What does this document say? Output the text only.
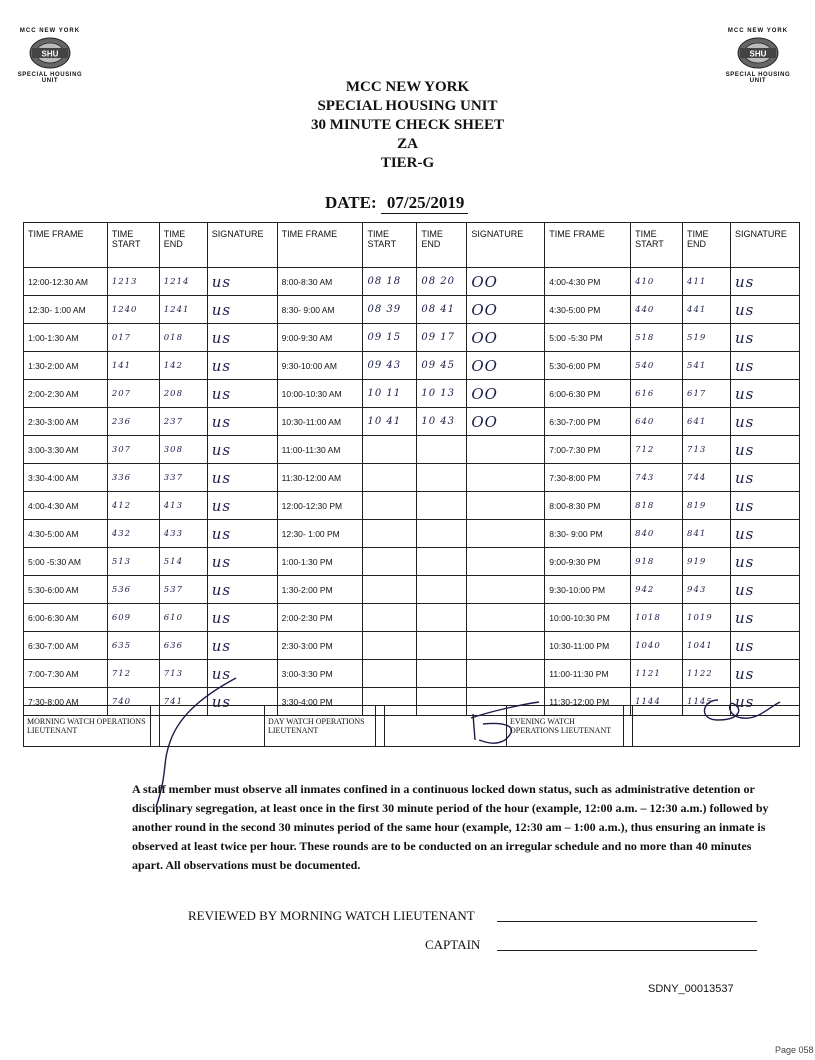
MCC NEW YORK
SHU
SPECIAL HOUSING UNIT
MCC NEW YORK
SHU
SPECIAL HOUSING UNIT
MCC NEW YORK
SPECIAL HOUSING UNIT
30 MINUTE CHECK SHEET
ZA
TIER-G
DATE: 07/25/2019
TIME FRAME	TIME START	TIME END	SIGNATURE	TIME FRAME	TIME START	TIME END	SIGNATURE	TIME FRAME	TIME START	TIME END	SIGNATURE
12:00-12:30 AM	1213	1214	us	8:00-8:30 AM	08 18	08 20	OO	4:00-4:30 PM	410	411	us
12:30- 1:00 AM	1240	1241	us	8:30- 9:00 AM	08 39	08 41	OO	4:30-5:00 PM	440	441	us
1:00-1:30 AM	017	018	us	9:00-9:30 AM	09 15	09 17	OO	5:00 -5:30 PM	518	519	us
1:30-2:00 AM	141	142	us	9:30-10:00 AM	09 43	09 45	OO	5:30-6:00 PM	540	541	us
2:00-2:30 AM	207	208	us	10:00-10:30 AM	10 11	10 13	OO	6:00-6:30 PM	616	617	us
2:30-3:00 AM	236	237	us	10:30-11:00 AM	10 41	10 43	OO	6:30-7:00 PM	640	641	us
3:00-3:30 AM	307	308	us	11:00-11:30 AM				7:00-7:30 PM	712	713	us
3:30-4:00 AM	336	337	us	11:30-12:00 AM				7:30-8:00 PM	743	744	us
4:00-4:30 AM	412	413	us	12:00-12:30 PM				8:00-8:30 PM	818	819	us
4:30-5:00 AM	432	433	us	12:30- 1:00 PM				8:30- 9:00 PM	840	841	us
5:00 -5:30 AM	513	514	us	1:00-1:30 PM				9:00-9:30 PM	918	919	us
5:30-6:00 AM	536	537	us	1:30-2:00 PM				9:30-10:00 PM	942	943	us
6:00-6:30 AM	609	610	us	2:00-2:30 PM				10:00-10:30 PM	1018	1019	us
6:30-7:00 AM	635	636	us	2:30-3:00 PM				10:30-11:00 PM	1040	1041	us
7:00-7:30 AM	712	713	us	3:00-3:30 PM				11:00-11:30 PM	1121	1122	us
7:30-8:00 AM	740	741	us	3:30-4:00 PM				11:30-12:00 PM	1144	1145	us
MORNING WATCH OPERATIONS LIEUTENANT			DAY WATCH OPERATIONS LIEUTENANT			EVENING WATCH OPERATIONS LIEUTENANT		
A staff member must observe all inmates confined in a continuous locked down status, such as administrative detention or disciplinary segregation, at least once in the first 30 minute period of the hour (example, 12:00 a.m. – 12:30 a.m.) followed by another round in the second 30 minutes period of the same hour (example, 12:30 am – 1:00 a.m.), thus ensuring an inmate is observed at least twice per hour. These rounds are to be conducted on an irregular schedule and no more than 40 minutes apart. All observations must be documented.
REVIEWED BY MORNING WATCH LIEUTENANT
CAPTAIN
SDNY_00013537
Page 058
